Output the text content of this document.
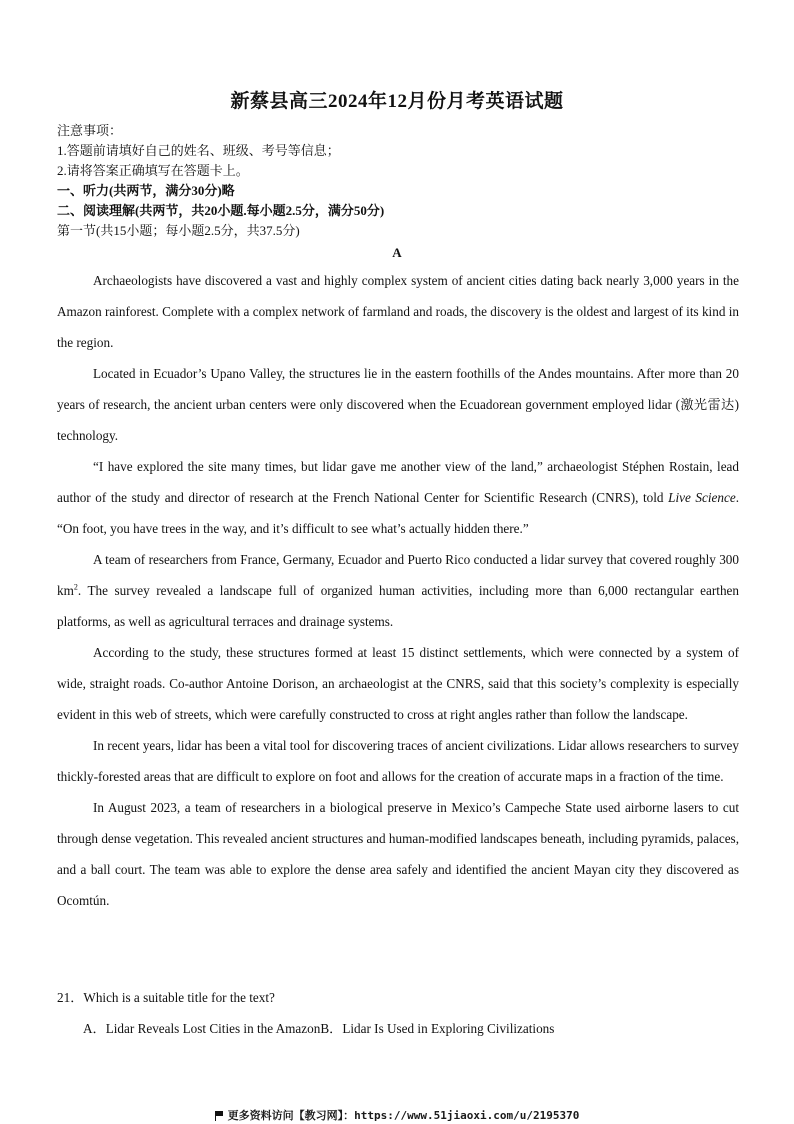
新蔡县高三2024年12月份月考英语试题
注意事项：
1.答题前请填好自己的姓名、班级、考号等信息；
2.请将答案正确填写在答题卡上。
一、听力(共两节，满分30分)略
二、阅读理解(共两节，共20小题.每小题2.5分，满分50分)
第一节(共15小题；每小题2.5分，共37.5分)
A

Archaeologists have discovered a vast and highly complex system of ancient cities dating back nearly 3,000 years in the Amazon rainforest. Complete with a complex network of farmland and roads, the discovery is the oldest and largest of its kind in the region.

Located in Ecuador’s Upano Valley, the structures lie in the eastern foothills of the Andes mountains. After more than 20 years of research, the ancient urban centers were only discovered when the Ecuadorean government employed lidar (激光雷达) technology.

“I have explored the site many times, but lidar gave me another view of the land,” archaeologist Stéphen Rostain, lead author of the study and director of research at the French National Center for Scientific Research (CNRS), told Live Science. “On foot, you have trees in the way, and it’s difficult to see what’s actually hidden there.”

A team of researchers from France, Germany, Ecuador and Puerto Rico conducted a lidar survey that covered roughly 300 $km^2$. The survey revealed a landscape full of organized human activities, including more than 6,000 rectangular earthen platforms, as well as agricultural terraces and drainage systems.

According to the study, these structures formed at least 15 distinct settlements, which were connected by a system of wide, straight roads. Co-author Antoine Dorison, an archaeologist at the CNRS, said that this society’s complexity is especially evident in this web of streets, which were carefully constructed to cross at right angles rather than follow the landscape.

In recent years, lidar has been a vital tool for discovering traces of ancient civilizations. Lidar allows researchers to survey thickly-forested areas that are difficult to explore on foot and allows for the creation of accurate maps in a fraction of the time.

In August 2023, a team of researchers in a biological preserve in Mexico’s Campeche State used airborne lasers to cut through dense vegetation. This revealed ancient structures and human-modified landscapes beneath, including pyramids, palaces, and a ball court. The team was able to explore the dense area safely and identified the ancient Mayan city they discovered as Ocomtún.

21．Which is a suitable title for the text?
A．Lidar Reveals Lost Cities in the AmazonB．Lidar Is Used in Exploring Civilizations
更多资料访问【教习网】：https://www.51jiaoxi.com/u/2195370
